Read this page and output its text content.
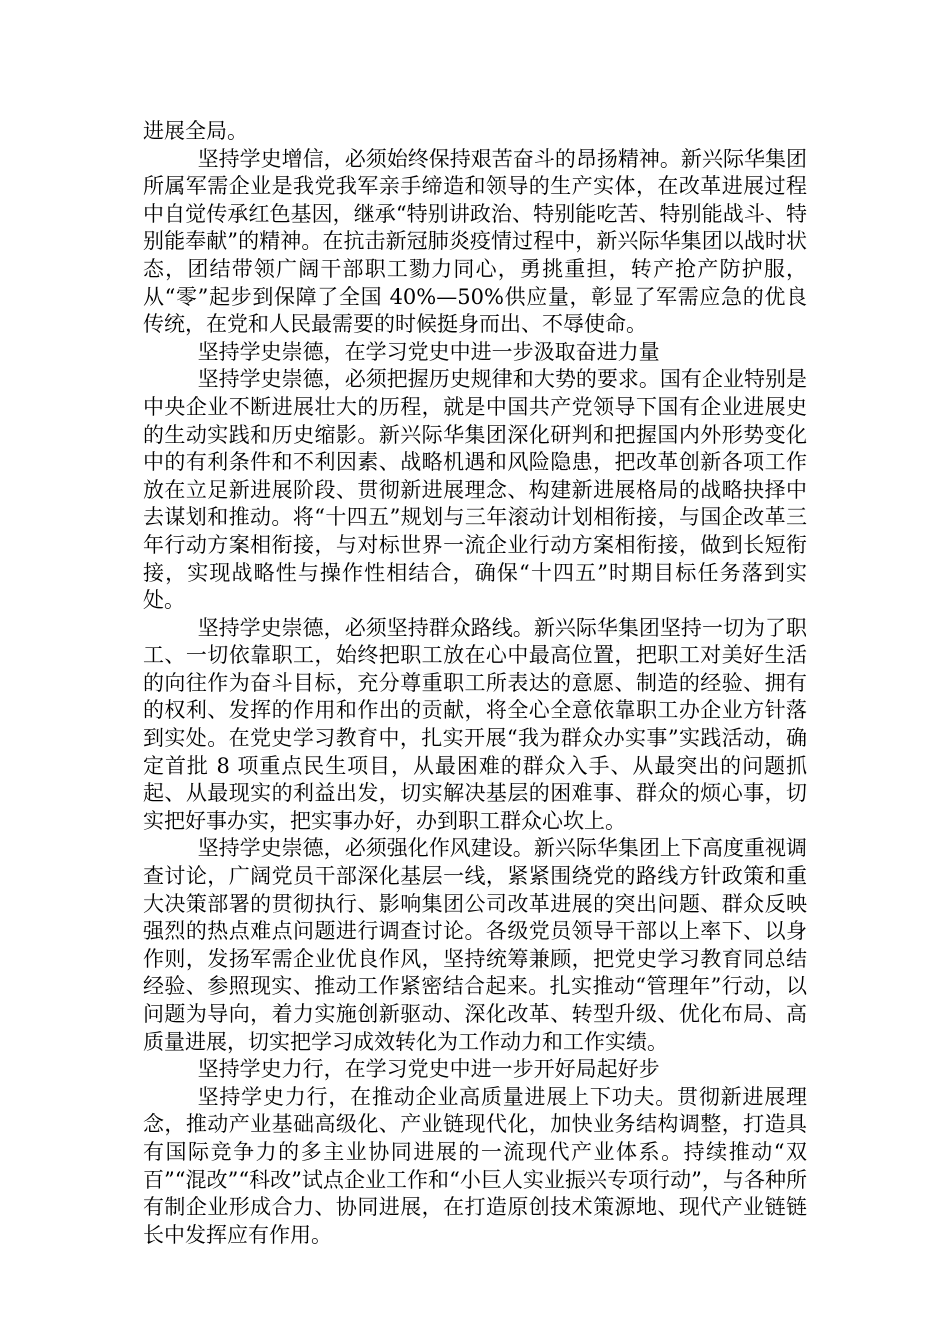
进展全局。

坚持学史增信，必须始终保持艰苦奋斗的昂扬精神。新兴际华集团所属军需企业是我党我军亲手缔造和领导的生产实体，在改革进展过程中自觉传承红色基因，继承“特别讲政治、特别能吃苦、特别能战斗、特别能奉献”的精神。在抗击新冠肺炎疫情过程中，新兴际华集团以战时状态，团结带领广阔干部职工勠力同心，勇挑重担，转产抢产防护服，从“零”起步到保障了全国 40%—50%供应量，彰显了军需应急的优良传统，在党和人民最需要的时候挺身而出、不辱使命。

坚持学史崇德，在学习党史中进一步汲取奋进力量

坚持学史崇德，必须把握历史规律和大势的要求。国有企业特别是中央企业不断进展壮大的历程，就是中国共产党领导下国有企业进展史的生动实践和历史缩影。新兴际华集团深化研判和把握国内外形势变化中的有利条件和不利因素、战略机遇和风险隐患，把改革创新各项工作放在立足新进展阶段、贯彻新进展理念、构建新进展格局的战略抉择中去谋划和推动。将“十四五”规划与三年滚动计划相衔接，与国企改革三年行动方案相衔接，与对标世界一流企业行动方案相衔接，做到长短衔接，实现战略性与操作性相结合，确保“十四五”时期目标任务落到实处。

坚持学史崇德，必须坚持群众路线。新兴际华集团坚持一切为了职工、一切依靠职工，始终把职工放在心中最高位置，把职工对美好生活的向往作为奋斗目标，充分尊重职工所表达的意愿、制造的经验、拥有的权利、发挥的作用和作出的贡献，将全心全意依靠职工办企业方针落到实处。在党史学习教育中，扎实开展“我为群众办实事”实践活动，确定首批 8 项重点民生项目，从最困难的群众入手、从最突出的问题抓起、从最现实的利益出发，切实解决基层的困难事、群众的烦心事，切实把好事办实，把实事办好，办到职工群众心坎上。

坚持学史崇德，必须强化作风建设。新兴际华集团上下高度重视调查讨论，广阔党员干部深化基层一线，紧紧围绕党的路线方针政策和重大决策部署的贯彻执行、影响集团公司改革进展的突出问题、群众反映强烈的热点难点问题进行调查讨论。各级党员领导干部以上率下、以身作则，发扬军需企业优良作风，坚持统筹兼顾，把党史学习教育同总结经验、参照现实、推动工作紧密结合起来。扎实推动“管理年”行动，以问题为导向，着力实施创新驱动、深化改革、转型升级、优化布局、高质量进展，切实把学习成效转化为工作动力和工作实绩。

坚持学史力行，在学习党史中进一步开好局起好步

坚持学史力行，在推动企业高质量进展上下功夫。贯彻新进展理念，推动产业基础高级化、产业链现代化，加快业务结构调整，打造具有国际竞争力的多主业协同进展的一流现代产业体系。持续推动“双百”“混改”“科改”试点企业工作和“小巨人实业振兴专项行动”，与各种所有制企业形成合力、协同进展，在打造原创技术策源地、现代产业链链长中发挥应有作用。
